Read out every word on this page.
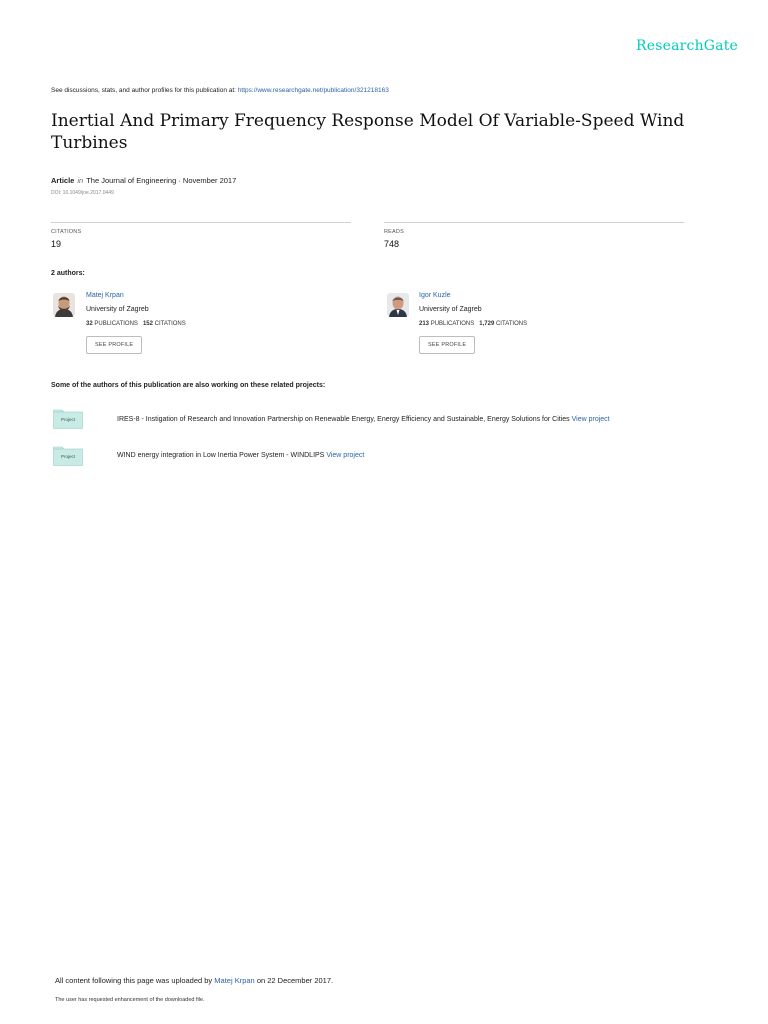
ResearchGate
See discussions, stats, and author profiles for this publication at: https://www.researchgate.net/publication/321218163
Inertial And Primary Frequency Response Model Of Variable-Speed Wind Turbines
Article in The Journal of Engineering · November 2017
DOI: 10.1049/joe.2017.0449
CITATIONS
19
READS
748
2 authors:
Matej Krpan
University of Zagreb
32 PUBLICATIONS 152 CITATIONS
SEE PROFILE
Igor Kuzle
University of Zagreb
213 PUBLICATIONS 1,729 CITATIONS
SEE PROFILE
Some of the authors of this publication are also working on these related projects:
Project	IRES-8 - Instigation of Research and Innovation Partnership on Renewable Energy, Energy Efficiency and Sustainable, Energy Solutions for Cities View project
Project	WIND energy integration in Low Inertia Power System - WINDLIPS View project
All content following this page was uploaded by Matej Krpan on 22 December 2017.
The user has requested enhancement of the downloaded file.
